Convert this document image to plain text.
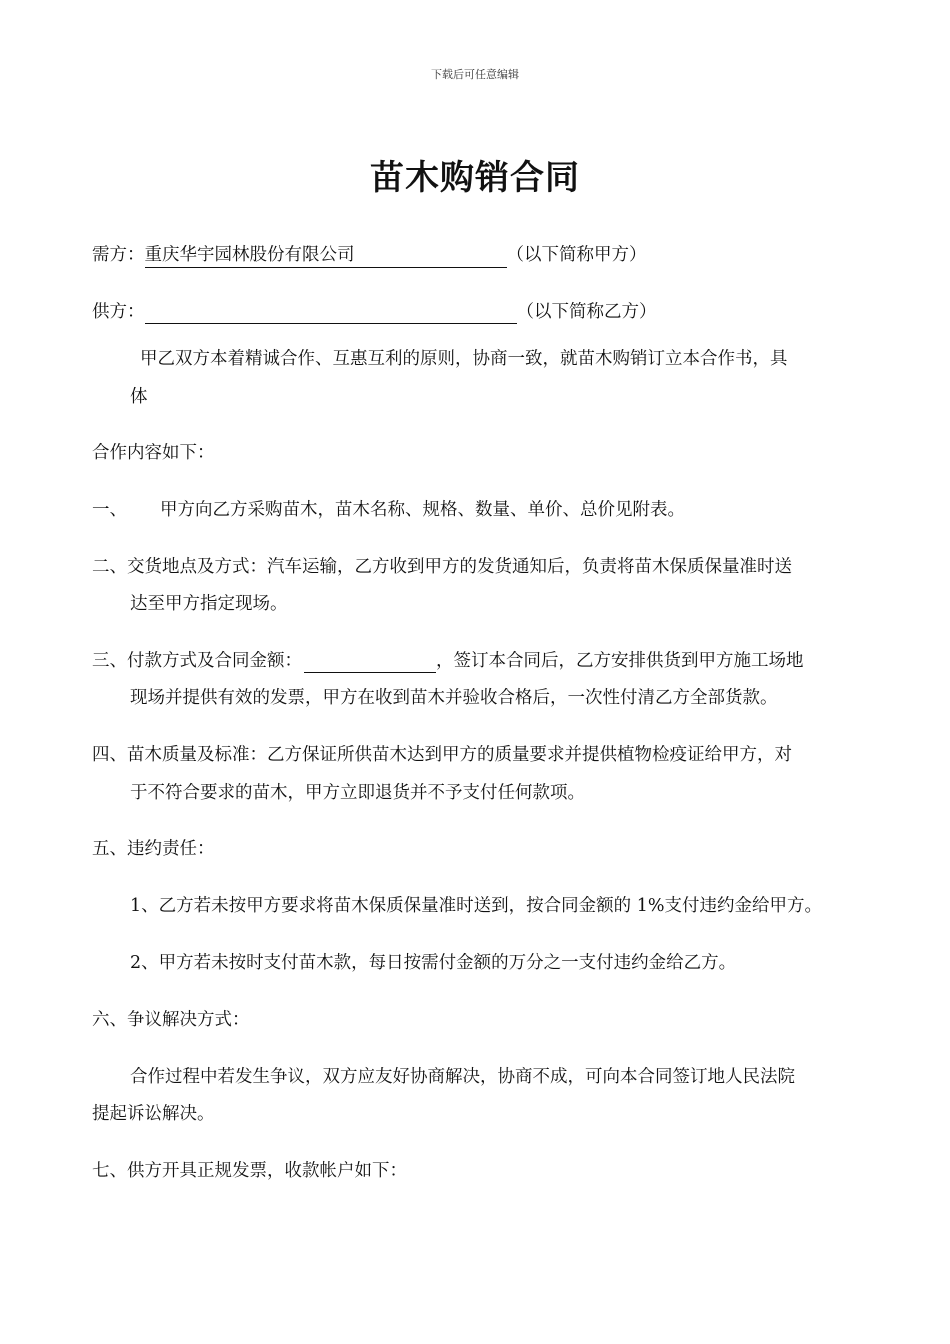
下载后可任意编辑
苗木购销合同
需方：重庆华宇园林股份有限公司	（以下简称甲方）
供方：	（以下简称乙方）
甲乙双方本着精诚合作、互惠互利的原则，协商一致，就苗木购销订立本合作书，具
体
合作内容如下：
一、 甲方向乙方采购苗木，苗木名称、规格、数量、单价、总价见附表。
二、交货地点及方式：汽车运输，乙方收到甲方的发货通知后，负责将苗木保质保量准时送
达至甲方指定现场。
三、付款方式及合同金额：	，签订本合同后，乙方安排供货到甲方施工场地
现场并提供有效的发票，甲方在收到苗木并验收合格后，一次性付清乙方全部货款。
四、苗木质量及标准：乙方保证所供苗木达到甲方的质量要求并提供植物检疫证给甲方，对
于不符合要求的苗木，甲方立即退货并不予支付任何款项。
五、违约责任：
1、乙方若未按甲方要求将苗木保质保量准时送到，按合同金额的 1%支付违约金给甲方。
2、甲方若未按时支付苗木款，每日按需付金额的万分之一支付违约金给乙方。
六、争议解决方式：
合作过程中若发生争议，双方应友好协商解决，协商不成，可向本合同签订地人民法院
提起诉讼解决。
七、供方开具正规发票，收款帐户如下：
